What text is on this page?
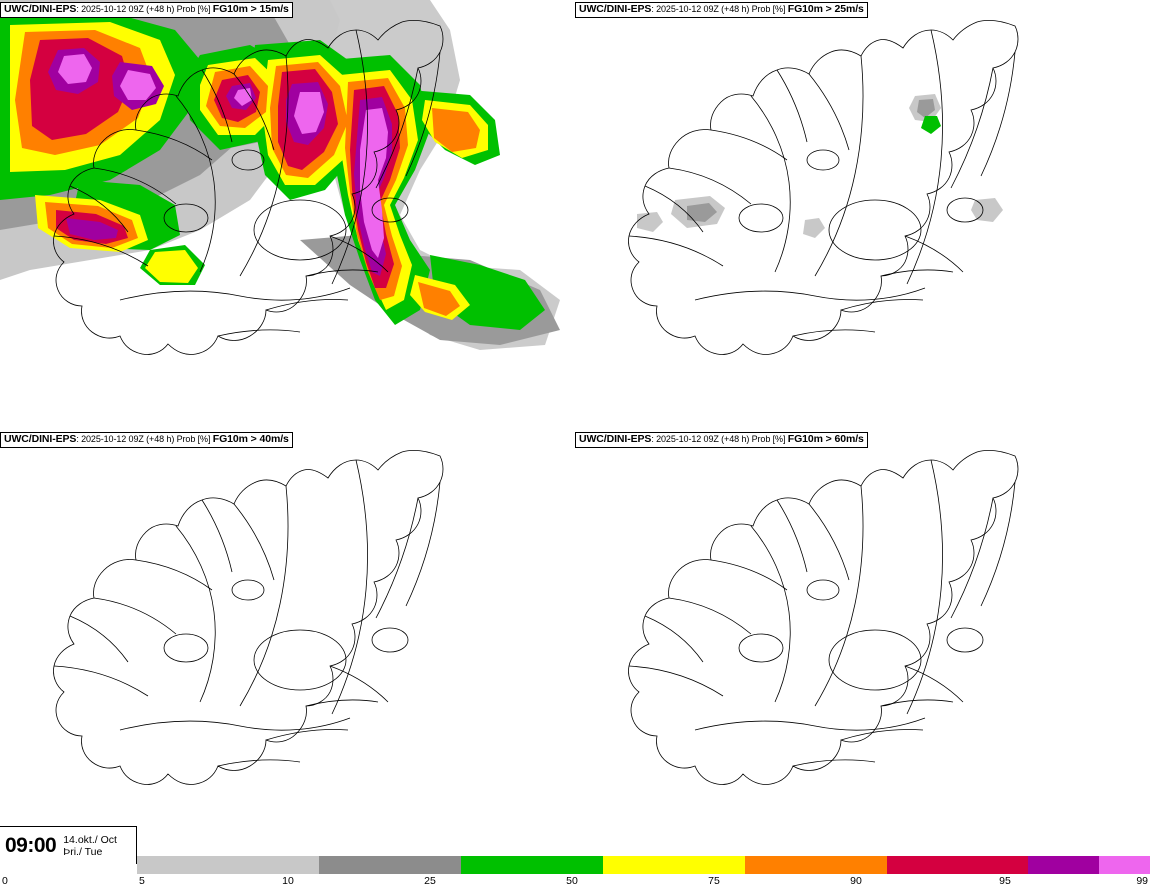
UWC/DINI-EPS: 2025-10-12 09Z (+48 h) Prob [%] FG10m > 15m/s	UWC/DINI-EPS: 2025-10-12 09Z (+48 h) Prob [%] FG10m > 25m/s
UWC/DINI-EPS: 2025-10-12 09Z (+48 h) Prob [%] FG10m > 40m/s	UWC/DINI-EPS: 2025-10-12 09Z (+48 h) Prob [%] FG10m > 60m/s
09:00 14.okt./ Oct
Þri./ Tue
0	5	10	25	50	75	90	95	99
